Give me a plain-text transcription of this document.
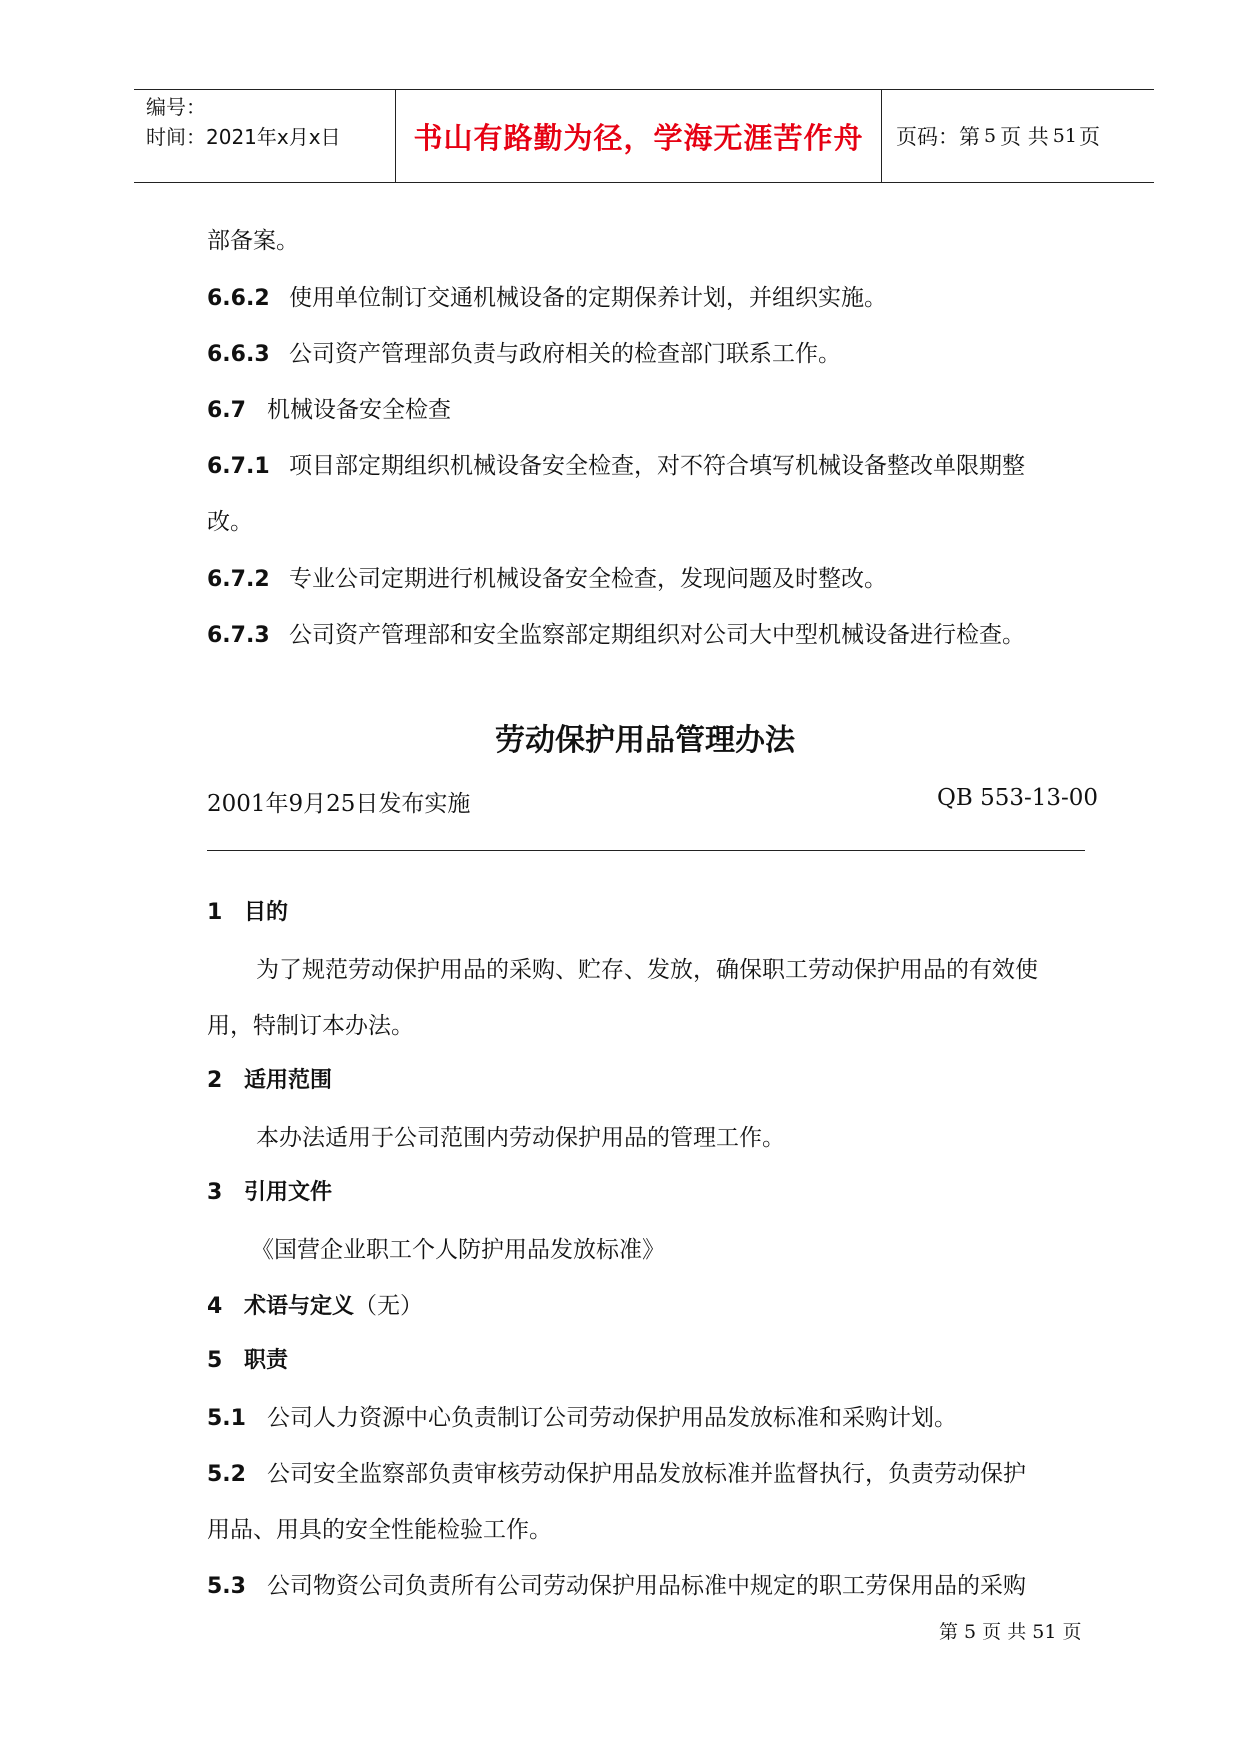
编号：
时间：2021年x月x日	书山有路勤为径，学海无涯苦作舟 页码：第 5 页 共 51 页
部备案。
6.6.2 使用单位制订交通机械设备的定期保养计划，并组织实施。
6.6.3 公司资产管理部负责与政府相关的检查部门联系工作。
6.7 机械设备安全检查
6.7.1 项目部定期组织机械设备安全检查，对不符合填写机械设备整改单限期整
改。
6.7.2 专业公司定期进行机械设备安全检查，发现问题及时整改。
6.7.3 公司资产管理部和安全监察部定期组织对公司大中型机械设备进行检查。
劳动保护用品管理办法
2001年9月25日发布实施	QB 553-13-00
1 目的
为了规范劳动保护用品的采购、贮存、发放，确保职工劳动保护用品的有效使
用，特制订本办法。
2 适用范围
本办法适用于公司范围内劳动保护用品的管理工作。
3 引用文件
《国营企业职工个人防护用品发放标准》
4 术语与定义（无）
5 职责
5.1 公司人力资源中心负责制订公司劳动保护用品发放标准和采购计划。
5.2 公司安全监察部负责审核劳动保护用品发放标准并监督执行，负责劳动保护
用品、用具的安全性能检验工作。
5.3 公司物资公司负责所有公司劳动保护用品标准中规定的职工劳保用品的采购
第 5 页 共 51 页
